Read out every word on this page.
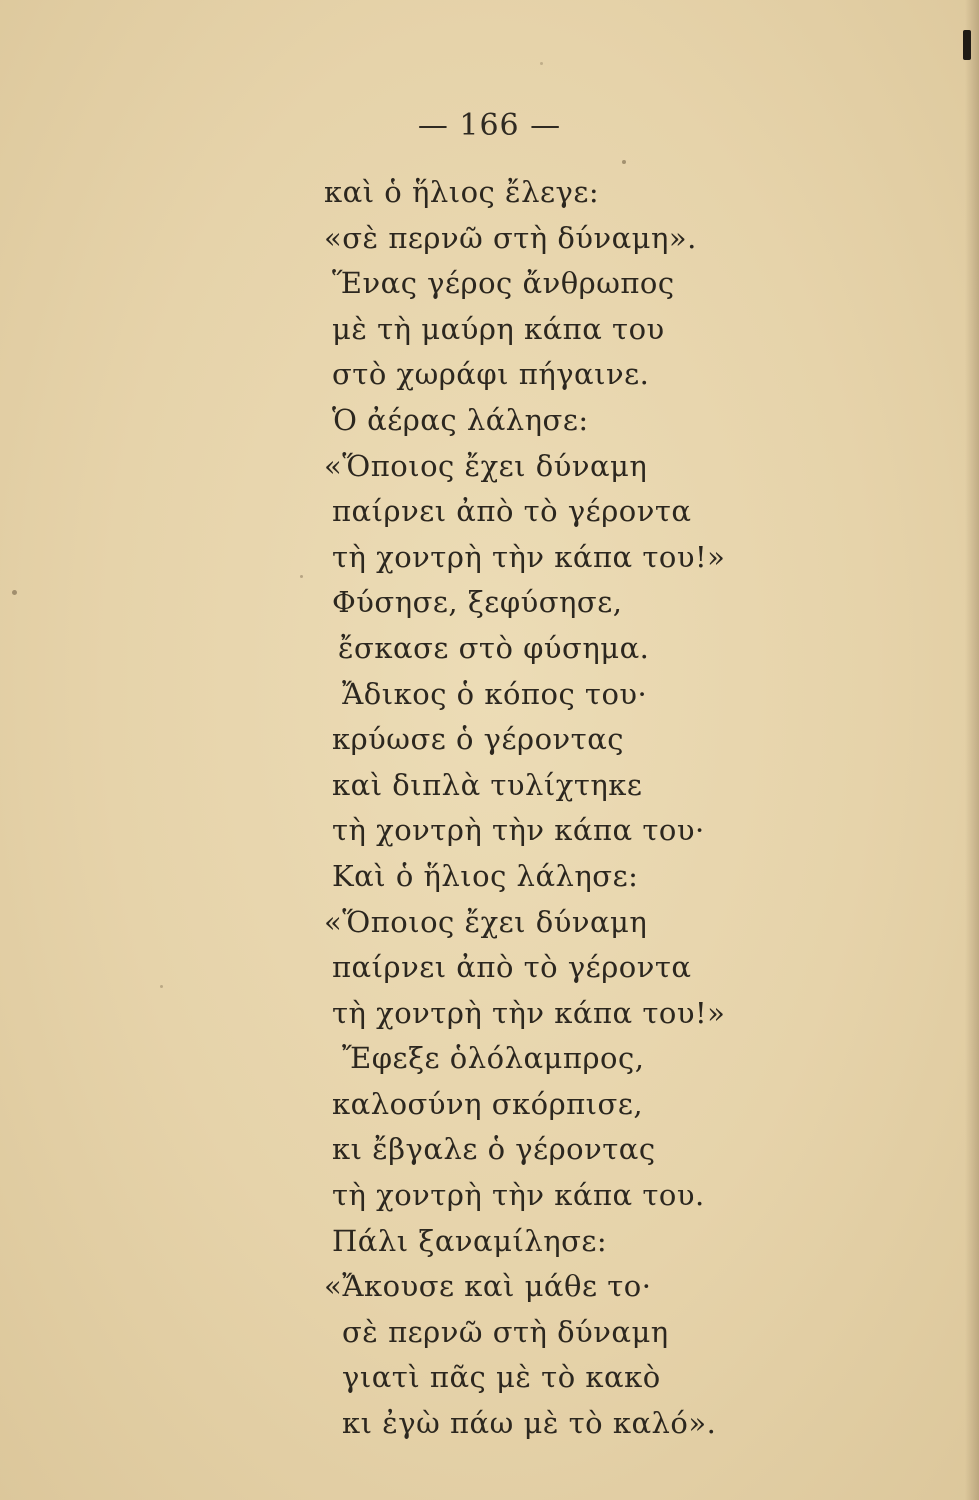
— 166 —
καὶ ὁ ἥλιος ἔλεγε:
«σὲ περνῶ στὴ δύναμη».
Ἕνας γέρος ἄνθρωπος
μὲ τὴ μαύρη κάπα του
στὸ χωράφι πήγαινε.
Ὁ ἀέρας λάλησε:
«Ὅποιος ἔχει δύναμη
παίρνει ἀπὸ τὸ γέροντα
τὴ χοντρὴ τὴν κάπα του!»
Φύσησε, ξεφύσησε,
ἔσκασε στὸ φύσημα.
Ἄδικος ὁ κόπος του·
κρύωσε ὁ γέροντας
καὶ διπλὰ τυλίχτηκε
τὴ χοντρὴ τὴν κάπα του·
Καὶ ὁ ἥλιος λάλησε:
«Ὅποιος ἔχει δύναμη
παίρνει ἀπὸ τὸ γέροντα
τὴ χοντρὴ τὴν κάπα του!»
Ἔφεξε ὁλόλαμπρος,
καλοσύνη σκόρπισε,
κι ἔβγαλε ὁ γέροντας
τὴ χοντρὴ τὴν κάπα του.
Πάλι ξαναμίλησε:
«Ἄκουσε καὶ μάθε το·
σὲ περνῶ στὴ δύναμη
γιατὶ πᾶς μὲ τὸ κακὸ
κι ἐγὼ πάω μὲ τὸ καλό».
